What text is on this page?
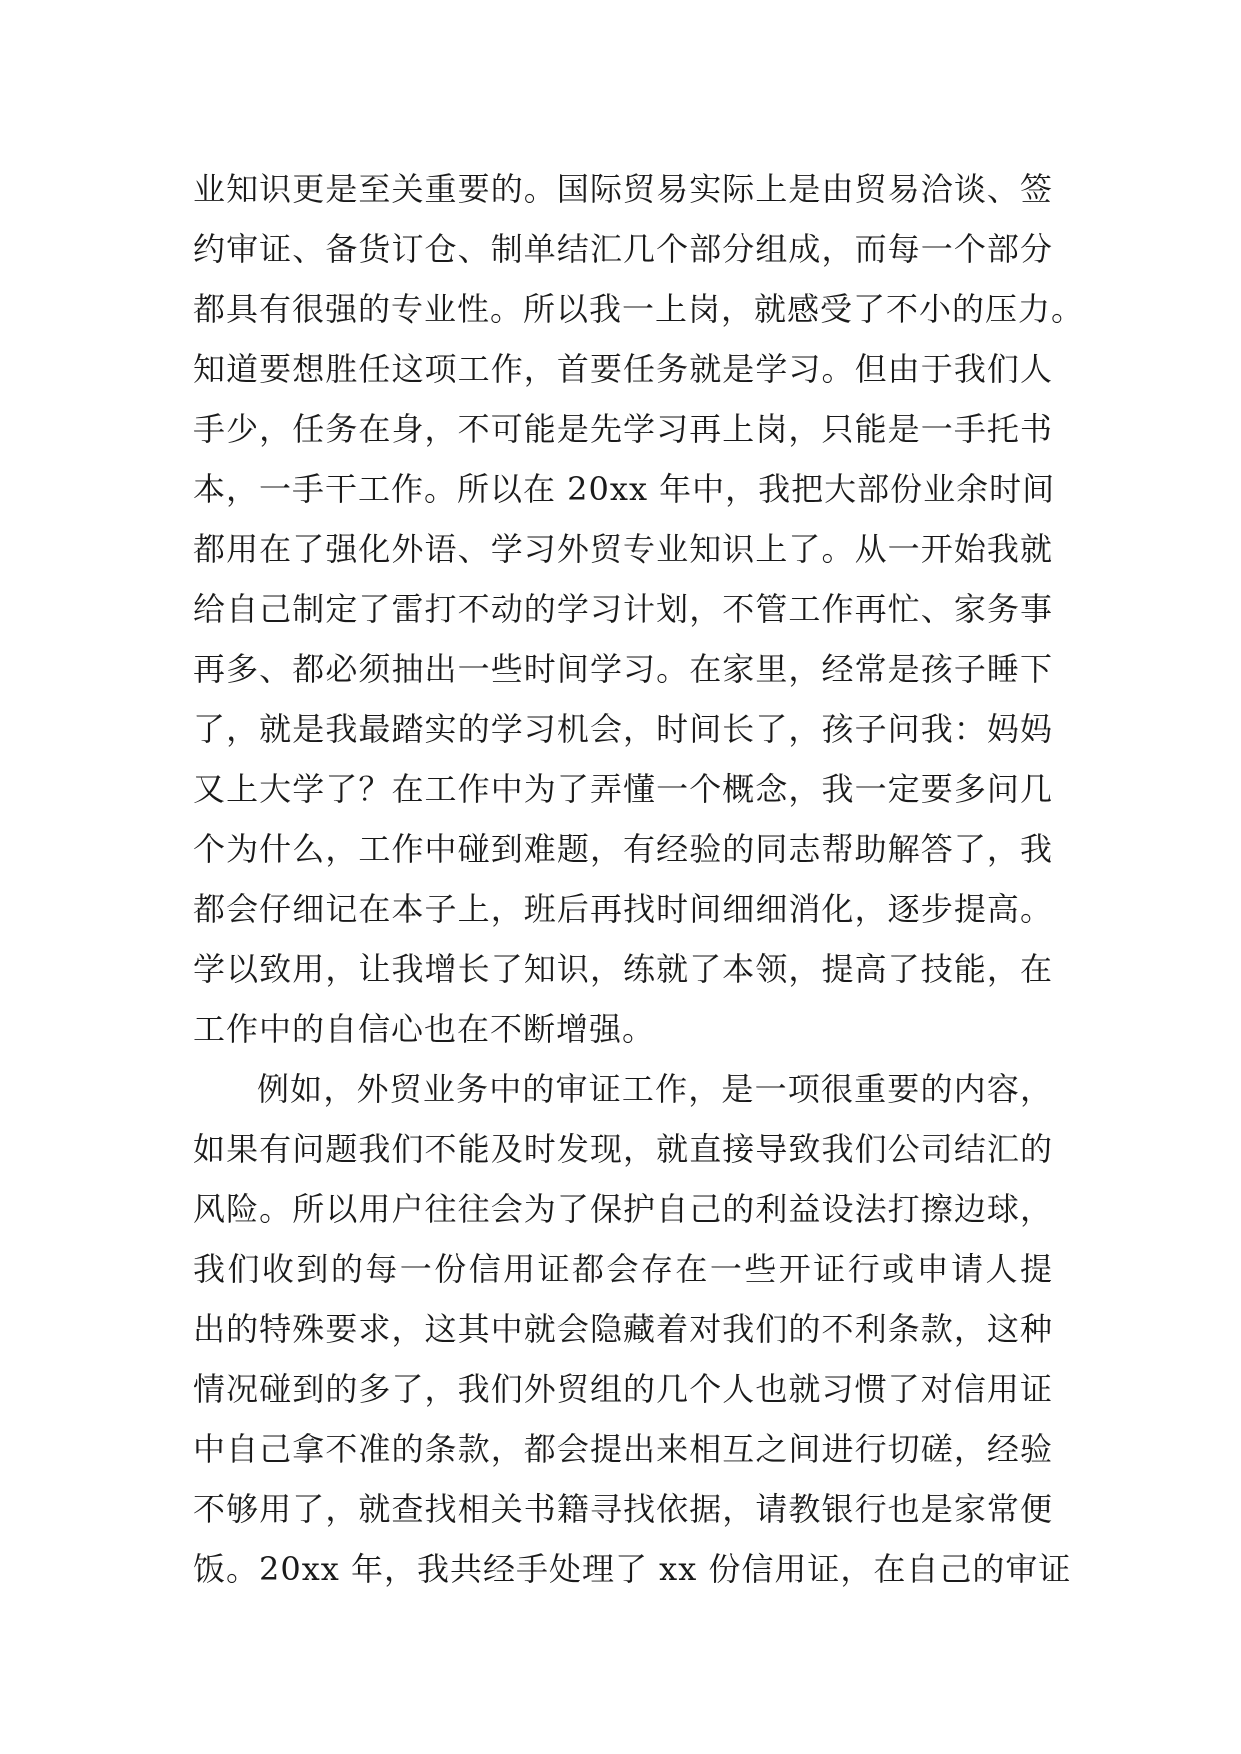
业知识更是至关重要的。国际贸易实际上是由贸易洽谈、签
约审证、备货订仓、制单结汇几个部分组成，而每一个部分
都具有很强的专业性。所以我一上岗，就感受了不小的压力。
知道要想胜任这项工作，首要任务就是学习。但由于我们人
手少，任务在身，不可能是先学习再上岗，只能是一手托书
本，一手干工作。所以在 20xx 年中，我把大部份业余时间
都用在了强化外语、学习外贸专业知识上了。从一开始我就
给自己制定了雷打不动的学习计划，不管工作再忙、家务事
再多、都必须抽出一些时间学习。在家里，经常是孩子睡下
了，就是我最踏实的学习机会，时间长了，孩子问我：妈妈
又上大学了？在工作中为了弄懂一个概念，我一定要多问几
个为什么，工作中碰到难题，有经验的同志帮助解答了，我
都会仔细记在本子上，班后再找时间细细消化，逐步提高。
学以致用，让我增长了知识，练就了本领，提高了技能，在
工作中的自信心也在不断增强。
例如，外贸业务中的审证工作，是一项很重要的内容，
如果有问题我们不能及时发现，就直接导致我们公司结汇的
风险。所以用户往往会为了保护自己的利益设法打擦边球，
我们收到的每一份信用证都会存在一些开证行或申请人提
出的特殊要求，这其中就会隐藏着对我们的不利条款，这种
情况碰到的多了，我们外贸组的几个人也就习惯了对信用证
中自己拿不准的条款，都会提出来相互之间进行切磋，经验
不够用了，就查找相关书籍寻找依据，请教银行也是家常便
饭。20xx 年，我共经手处理了 xx 份信用证，在自己的审证
